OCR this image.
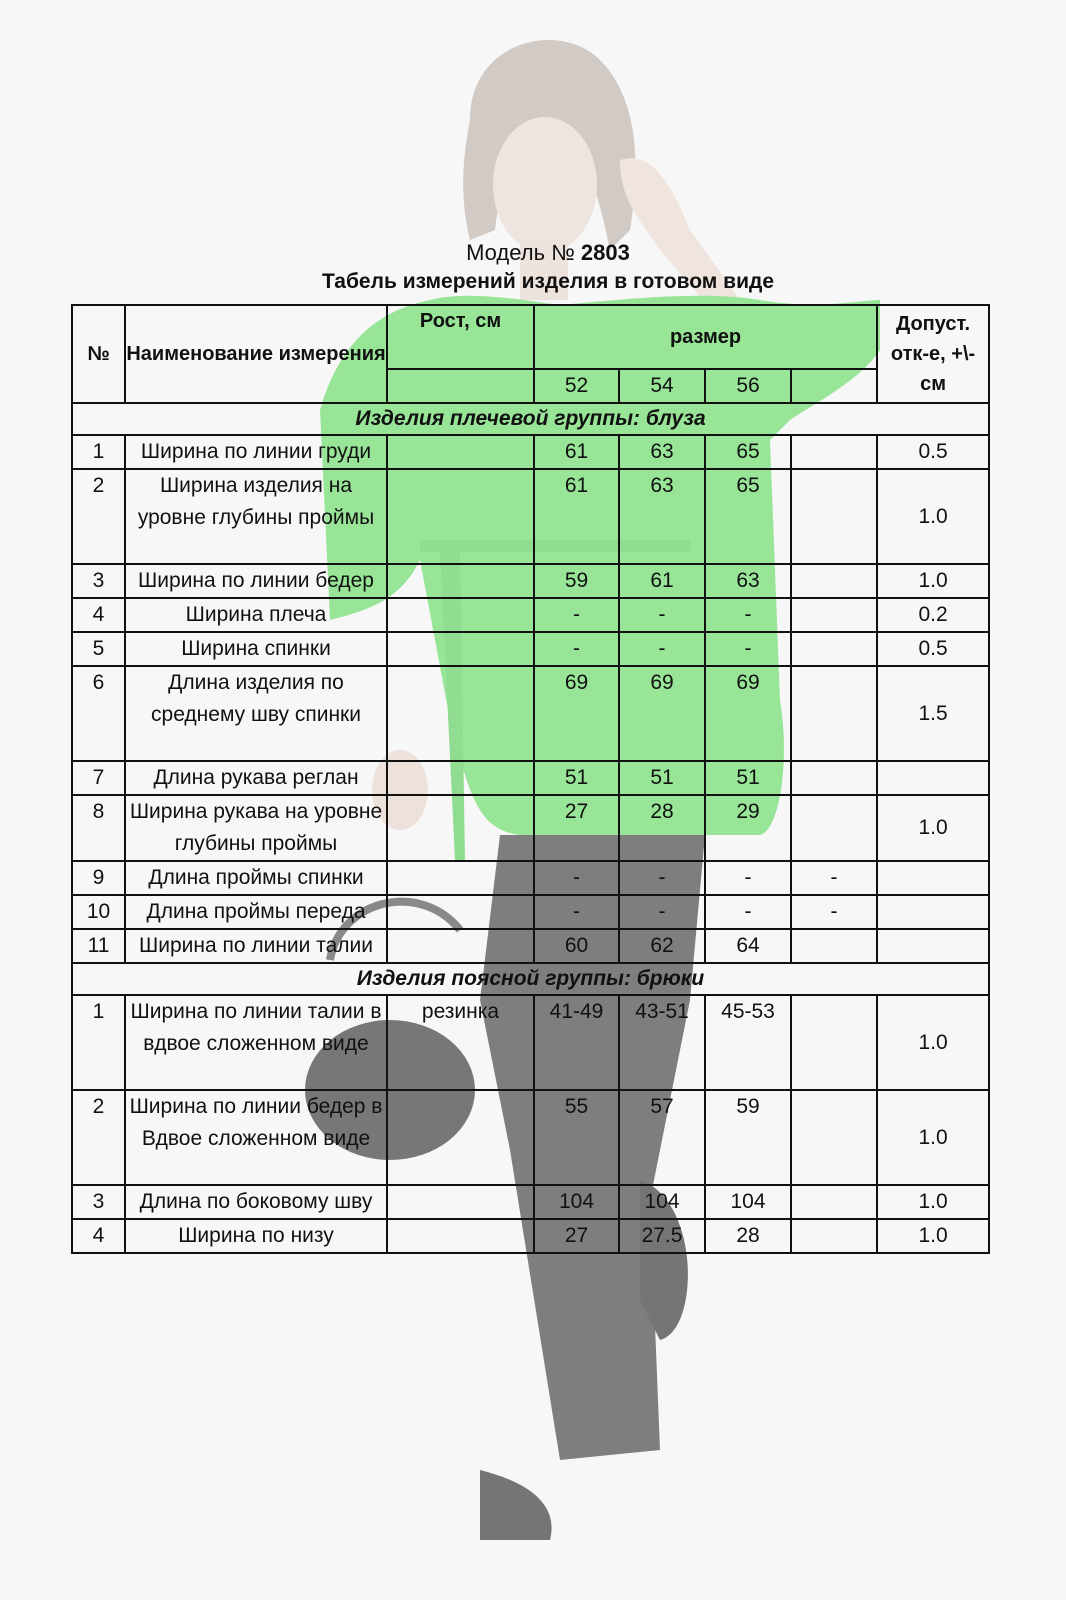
Модель № 2803
Табель измерений изделия в готовом виде
№	Наименование измерения	Рост, см	размер				Допуст. отк-е, +\-см
			52	54	56		
Изделия плечевой группы: блуза							
1	Ширина по линии груди		61	63	65		0.5
2	Ширина изделия на уровне глубины проймы		61	63	65		1.0
3	Ширина по линии бедер		59	61	63		1.0
4	Ширина плеча		-	-	-		0.2
5	Ширина спинки		-	-	-		0.5
6	Длина изделия по среднему шву спинки		69	69	69		1.5
7	Длина рукава реглан		51	51	51		
8	Ширина рукава на уровне глубины проймы		27	28	29		1.0
9	Длина проймы спинки		-	-	-	-	
10	Длина проймы переда		-	-	-	-	
11	Ширина по линии талии		60	62	64		
Изделия поясной группы: брюки							
1	Ширина по линии талии в вдвое сложенном виде	резинка	41-49	43-51	45-53		1.0
2	Ширина по линии бедер в Вдвое сложенном виде		55	57	59		1.0
3	Длина по боковому шву		104	104	104		1.0
4	Ширина по низу		27	27.5	28		1.0
